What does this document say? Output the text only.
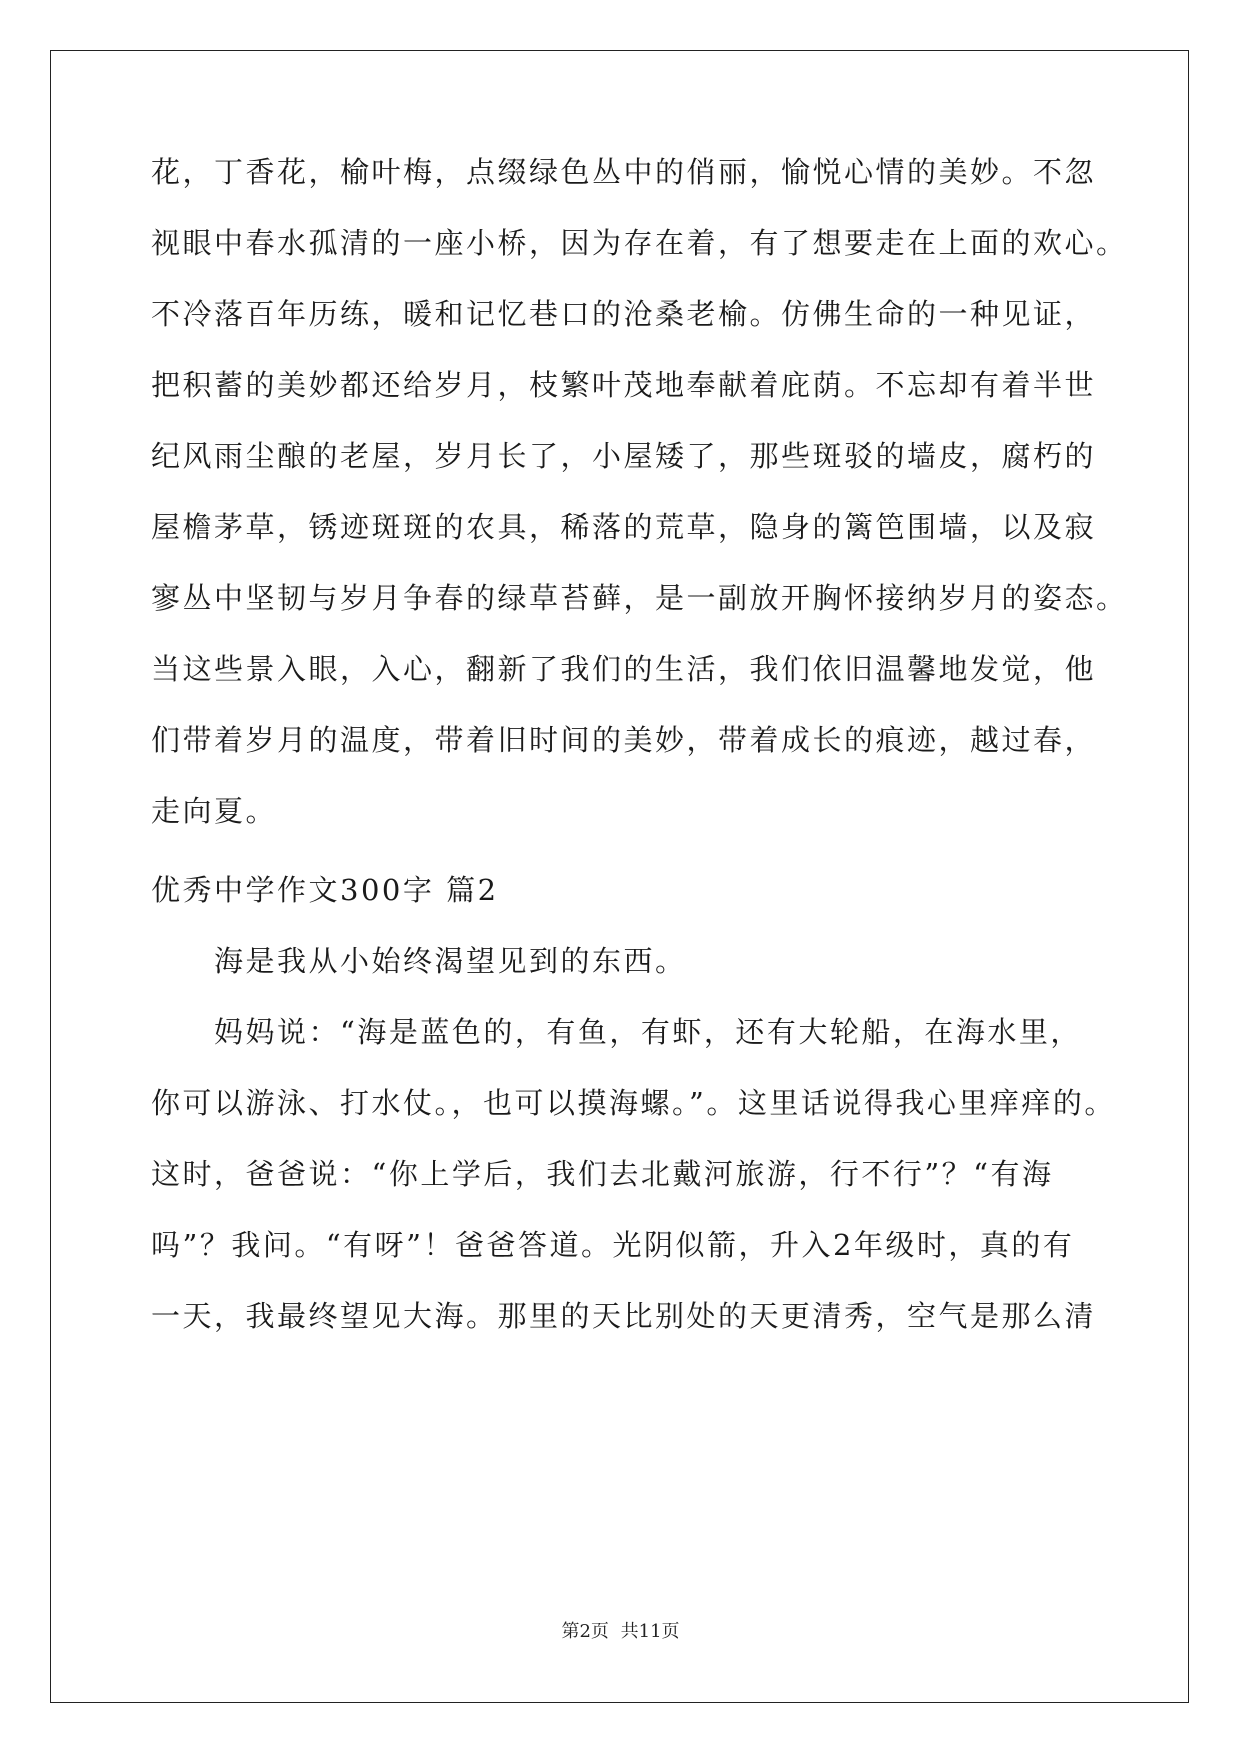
花，丁香花，榆叶梅，点缀绿色丛中的俏丽，愉悦心情的美妙。不忽
视眼中春水孤清的一座小桥，因为存在着，有了想要走在上面的欢心。
不冷落百年历练，暖和记忆巷口的沧桑老榆。仿佛生命的一种见证，
把积蓄的美妙都还给岁月，枝繁叶茂地奉献着庇荫。不忘却有着半世
纪风雨尘酿的老屋，岁月长了，小屋矮了，那些斑驳的墙皮，腐朽的
屋檐茅草，锈迹斑斑的农具，稀落的荒草，隐身的篱笆围墙，以及寂
寥丛中坚韧与岁月争春的绿草苔藓，是一副放开胸怀接纳岁月的姿态。
当这些景入眼，入心，翻新了我们的生活，我们依旧温馨地发觉，他
们带着岁月的温度，带着旧时间的美妙，带着成长的痕迹，越过春，
走向夏。
优秀中学作文300字 篇2
海是我从小始终渴望见到的东西。
妈妈说：“海是蓝色的，有鱼，有虾，还有大轮船，在海水里，
你可以游泳、打水仗。，也可以摸海螺。”。这里话说得我心里痒痒的。
这时，爸爸说：“你上学后，我们去北戴河旅游，行不行”？“有海
吗”？我问。“有呀”！爸爸答道。光阴似箭，升入2年级时，真的有
一天，我最终望见大海。那里的天比别处的天更清秀，空气是那么清
第2页 共11页
